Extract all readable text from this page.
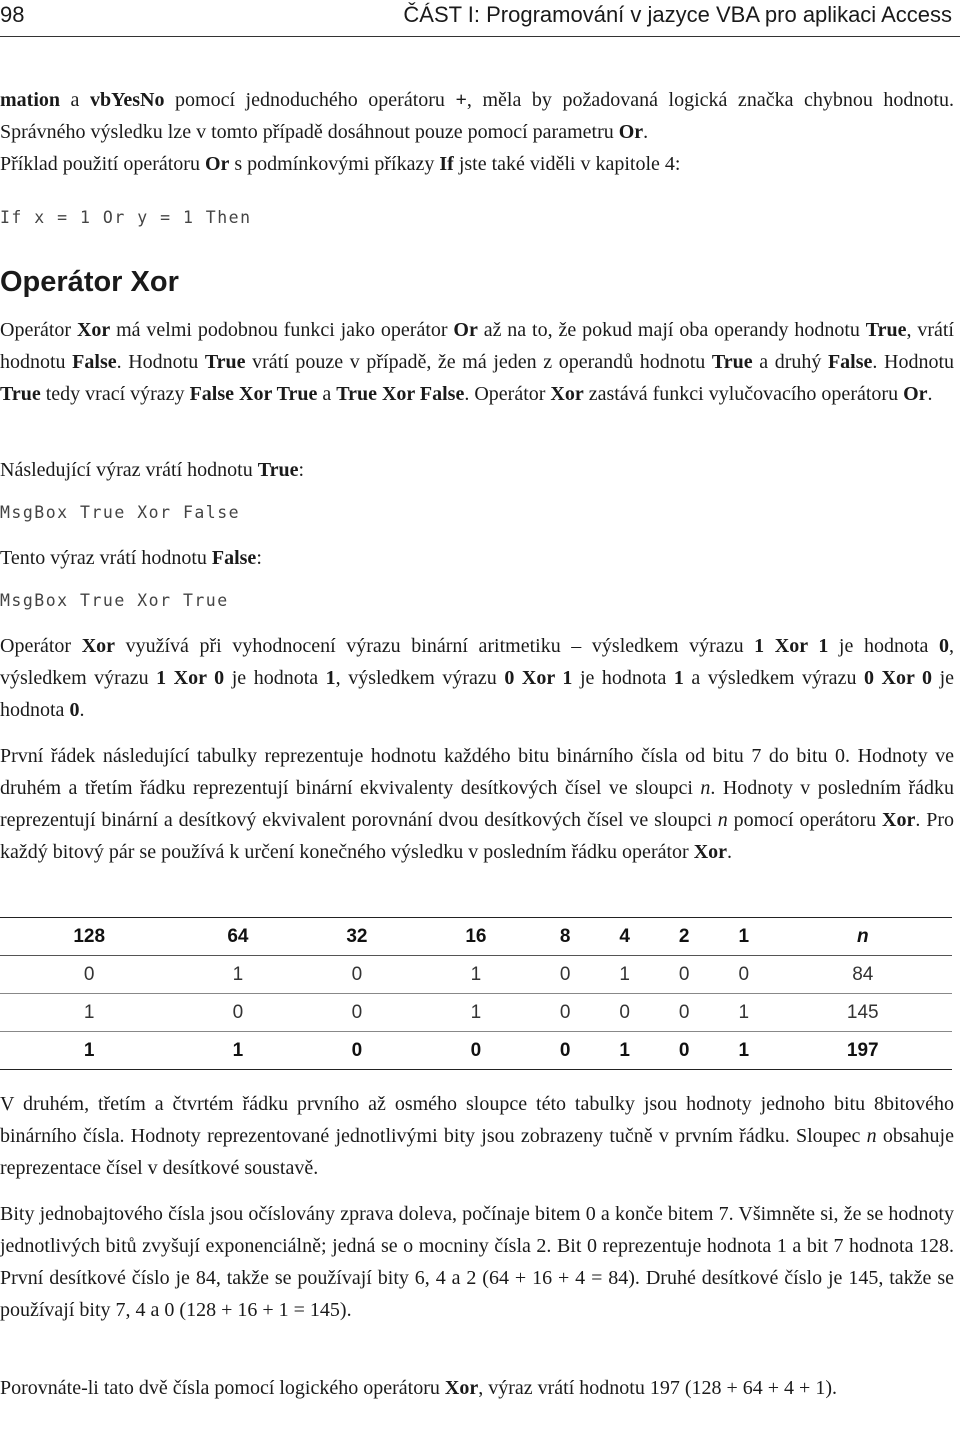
98	ČÁST I: Programování v jazyce VBA pro aplikaci Access
mation a vbYesNo pomocí jednoduchého operátoru +, měla by požadovaná logická značka chybnou hodnotu. Správného výsledku lze v tomto případě dosáhnout pouze pomocí parametru Or.
Příklad použití operátoru Or s podmínkovými příkazy If jste také viděli v kapitole 4:
If x = 1 Or y = 1 Then
Operátor Xor
Operátor Xor má velmi podobnou funkci jako operátor Or až na to, že pokud mají oba operandy hodnotu True, vrátí hodnotu False. Hodnotu True vrátí pouze v případě, že má jeden z operandů hodnotu True a druhý False. Hodnotu True tedy vrací výrazy False Xor True a True Xor False. Operátor Xor zastává funkci vylučovacího operátoru Or.
Následující výraz vrátí hodnotu True:
MsgBox True Xor False
Tento výraz vrátí hodnotu False:
MsgBox True Xor True
Operátor Xor využívá při vyhodnocení výrazu binární aritmetiku – výsledkem výrazu 1 Xor 1 je hodnota 0, výsledkem výrazu 1 Xor 0 je hodnota 1, výsledkem výrazu 0 Xor 1 je hodnota 1 a výsledkem výrazu 0 Xor 0 je hodnota 0.
První řádek následující tabulky reprezentuje hodnotu každého bitu binárního čísla od bitu 7 do bitu 0. Hodnoty ve druhém a třetím řádku reprezentují binární ekvivalenty desítkových čísel ve sloupci n. Hodnoty v posledním řádku reprezentují binární a desítkový ekvivalent porovnání dvou desítkových čísel ve sloupci n pomocí operátoru Xor. Pro každý bitový pár se používá k určení konečného výsledku v posledním řádku operátor Xor.
128	64	32	16	8	4	2	1	n
0	1	0	1	0	1	0	0	84
1	0	0	1	0	0	0	1	145
1	1	0	0	0	1	0	1	197
V druhém, třetím a čtvrtém řádku prvního až osmého sloupce této tabulky jsou hodnoty jednoho bitu 8bitového binárního čísla. Hodnoty reprezentované jednotlivými bity jsou zobrazeny tučně v prvním řádku. Sloupec n obsahuje reprezentace čísel v desítkové soustavě.
Bity jednobajtového čísla jsou očíslovány zprava doleva, počínaje bitem 0 a konče bitem 7. Všimněte si, že se hodnoty jednotlivých bitů zvyšují exponenciálně; jedná se o mocniny čísla 2. Bit 0 reprezentuje hodnota 1 a bit 7 hodnota 128. První desítkové číslo je 84, takže se používají bity 6, 4 a 2 (64 + 16 + 4 = 84). Druhé desítkové číslo je 145, takže se používají bity 7, 4 a 0 (128 + 16 + 1 = 145).
Porovnáte-li tato dvě čísla pomocí logického operátoru Xor, výraz vrátí hodnotu 197 (128 + 64 + 4 + 1).
